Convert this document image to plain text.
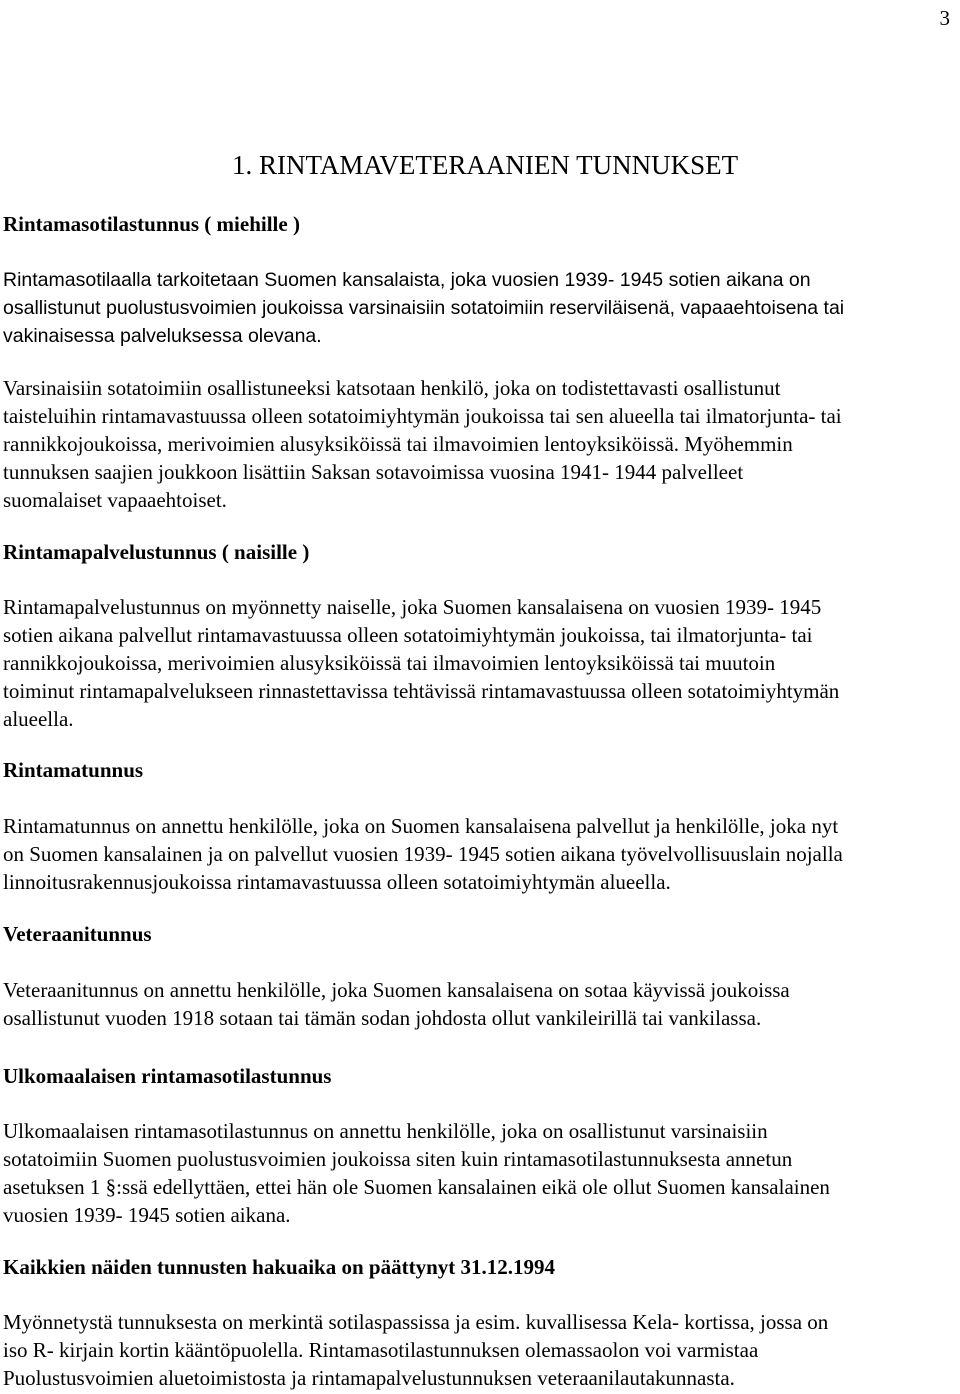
3
1. RINTAMAVETERAANIEN TUNNUKSET
Rintamasotilastunnus ( miehille )

Rintamasotilaalla tarkoitetaan Suomen kansalaista, joka vuosien 1939- 1945 sotien aikana on
osallistunut puolustusvoimien joukoissa varsinaisiin sotatoimiin reserviläisenä, vapaaehtoisena tai
vakinaisessa palveluksessa olevana.

Varsinaisiin sotatoimiin osallistuneeksi katsotaan henkilö, joka on todistettavasti osallistunut
taisteluihin rintamavastuussa olleen sotatoimiyhtymän joukoissa tai sen alueella tai ilmatorjunta- tai
rannikkojoukoissa, merivoimien alusyksiköissä tai ilmavoimien lentoyksiköissä. Myöhemmin
tunnuksen saajien joukkoon lisättiin Saksan sotavoimissa vuosina 1941- 1944 palvelleet
suomalaiset vapaaehtoiset.

Rintamapalvelustunnus ( naisille )

Rintamapalvelustunnus on myönnetty naiselle, joka Suomen kansalaisena on vuosien 1939- 1945
sotien aikana palvellut rintamavastuussa olleen sotatoimiyhtymän joukoissa, tai ilmatorjunta- tai
rannikkojoukoissa, merivoimien alusyksiköissä tai ilmavoimien lentoyksiköissä tai muutoin
toiminut rintamapalvelukseen rinnastettavissa tehtävissä rintamavastuussa olleen sotatoimiyhtymän
alueella.

Rintamatunnus

Rintamatunnus on annettu henkilölle, joka on Suomen kansalaisena palvellut ja henkilölle, joka nyt
on Suomen kansalainen ja on palvellut vuosien 1939- 1945 sotien aikana työvelvollisuuslain nojalla
linnoitusrakennusjoukoissa rintamavastuussa olleen sotatoimiyhtymän alueella.

Veteraanitunnus

Veteraanitunnus on annettu henkilölle, joka Suomen kansalaisena on sotaa käyvissä joukoissa
osallistunut vuoden 1918 sotaan tai tämän sodan johdosta ollut vankileirillä tai vankilassa.

Ulkomaalaisen rintamasotilastunnus

Ulkomaalaisen rintamasotilastunnus on annettu henkilölle, joka on osallistunut varsinaisiin
sotatoimiin Suomen puolustusvoimien joukoissa siten kuin rintamasotilastunnuksesta annetun
asetuksen 1 §:ssä edellyttäen, ettei hän ole Suomen kansalainen eikä ole ollut Suomen kansalainen
vuosien 1939- 1945 sotien aikana.

Kaikkien näiden tunnusten hakuaika on päättynyt 31.12.1994

Myönnetystä tunnuksesta on merkintä sotilaspassissa ja esim. kuvallisessa Kela- kortissa, jossa on
iso R- kirjain kortin kääntöpuolella. Rintamasotilastunnuksen olemassaolon voi varmistaa
Puolustusvoimien aluetoimistosta ja rintamapalvelustunnuksen veteraanilautakunnasta.
